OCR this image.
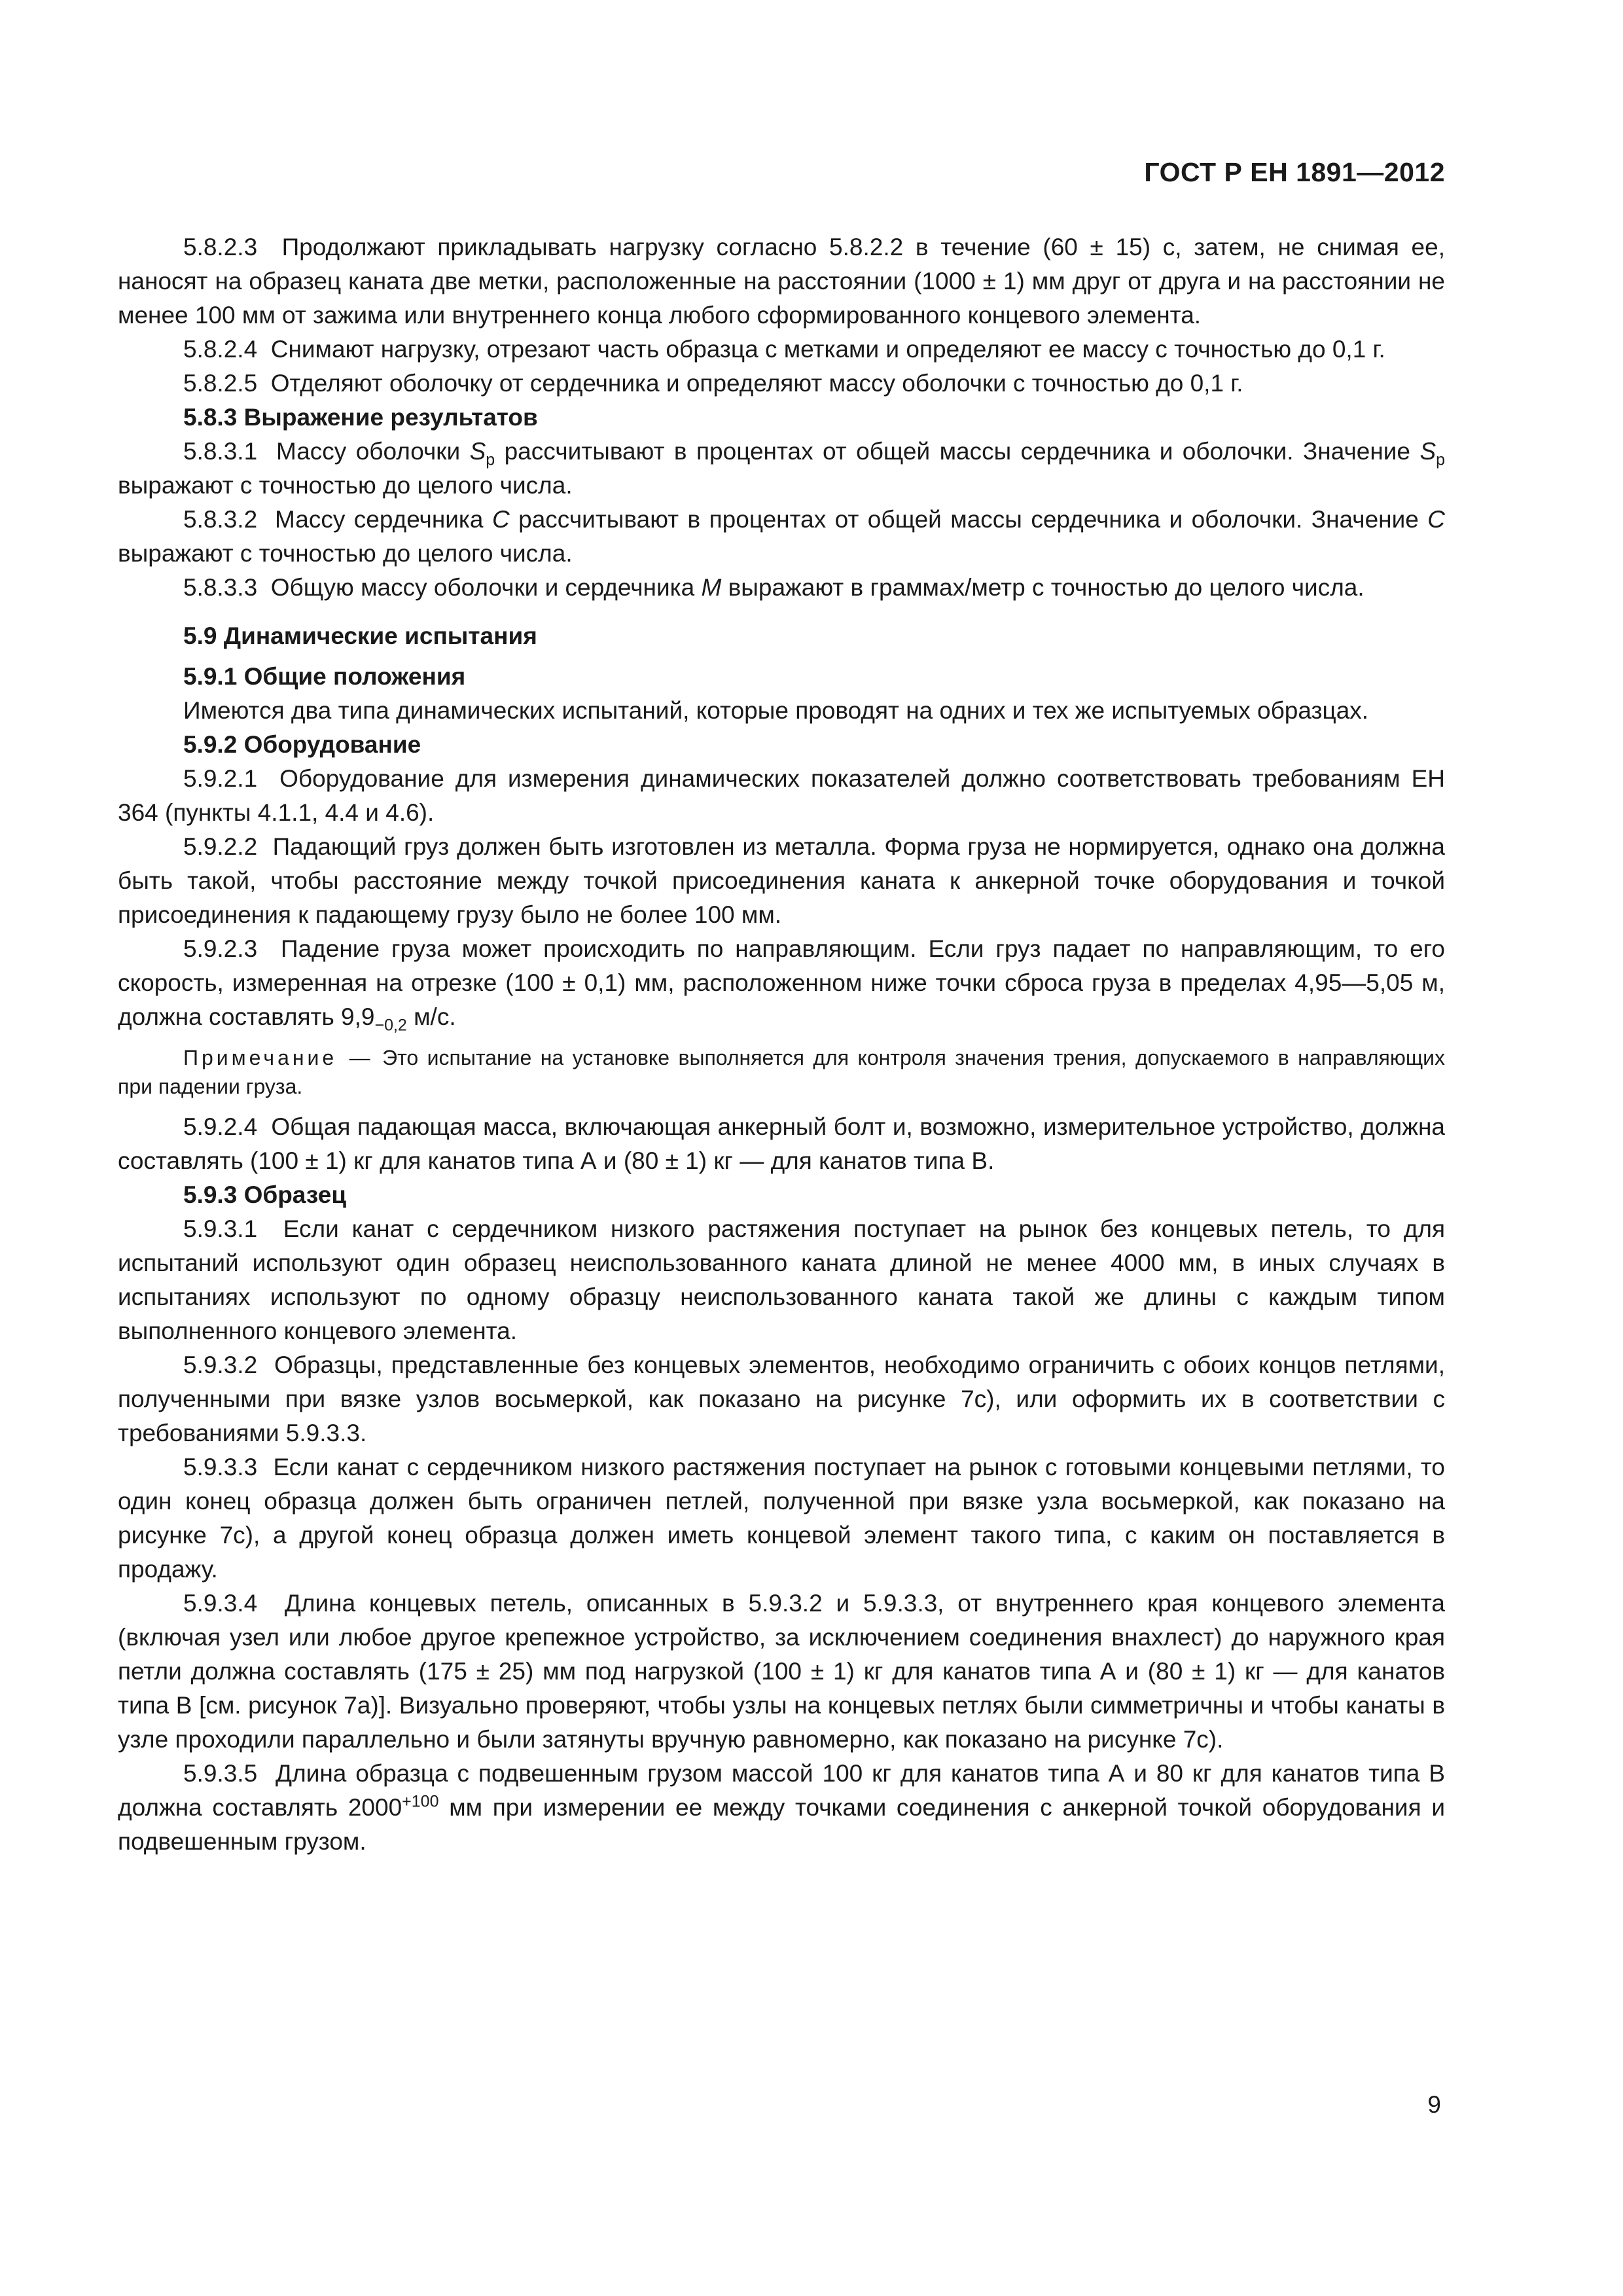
ГОСТ Р ЕН 1891—2012

5.8.2.3 Продолжают прикладывать нагрузку согласно 5.8.2.2 в течение (60 ± 15) с, затем, не снимая ее, наносят на образец каната две метки, расположенные на расстоянии (1000 ± 1) мм друг от друга и на расстоянии не менее 100 мм от зажима или внутреннего конца любого сформированного концевого элемента.

5.8.2.4 Снимают нагрузку, отрезают часть образца с метками и определяют ее массу с точностью до 0,1 г.

5.8.2.5 Отделяют оболочку от сердечника и определяют массу оболочки с точностью до 0,1 г.

5.8.3 Выражение результатов

5.8.3.1 Массу оболочки $S_p$ рассчитывают в процентах от общей массы сердечника и оболочки. Значение $S_p$ выражают с точностью до целого числа.

5.8.3.2 Массу сердечника C рассчитывают в процентах от общей массы сердечника и оболочки. Значение C выражают с точностью до целого числа.

5.8.3.3 Общую массу оболочки и сердечника M выражают в граммах/метр с точностью до целого числа.

5.9 Динамические испытания

5.9.1 Общие положения

Имеются два типа динамических испытаний, которые проводят на одних и тех же испытуемых образцах.

5.9.2 Оборудование

5.9.2.1 Оборудование для измерения динамических показателей должно соответствовать требованиям ЕН 364 (пункты 4.1.1, 4.4 и 4.6).

5.9.2.2 Падающий груз должен быть изготовлен из металла. Форма груза не нормируется, однако она должна быть такой, чтобы расстояние между точкой присоединения каната к анкерной точке оборудования и точкой присоединения к падающему грузу было не более 100 мм.

5.9.2.3 Падение груза может происходить по направляющим. Если груз падает по направляющим, то его скорость, измеренная на отрезке (100 ± 0,1) мм, расположенном ниже точки сброса груза в пределах 4,95—5,05 м, должна составлять $9,9_{-0,2}$ м/с.

Примечание — Это испытание на установке выполняется для контроля значения трения, допускаемого в направляющих при падении груза.

5.9.2.4 Общая падающая масса, включающая анкерный болт и, возможно, измерительное устройство, должна составлять (100 ± 1) кг для канатов типа А и (80 ± 1) кг — для канатов типа В.

5.9.3 Образец

5.9.3.1 Если канат с сердечником низкого растяжения поступает на рынок без концевых петель, то для испытаний используют один образец неиспользованного каната длиной не менее 4000 мм, в иных случаях в испытаниях используют по одному образцу неиспользованного каната такой же длины с каждым типом выполненного концевого элемента.

5.9.3.2 Образцы, представленные без концевых элементов, необходимо ограничить с обоих концов петлями, полученными при вязке узлов восьмеркой, как показано на рисунке 7с), или оформить их в соответствии с требованиями 5.9.3.3.

5.9.3.3 Если канат с сердечником низкого растяжения поступает на рынок с готовыми концевыми петлями, то один конец образца должен быть ограничен петлей, полученной при вязке узла восьмеркой, как показано на рисунке 7с), а другой конец образца должен иметь концевой элемент такого типа, с каким он поставляется в продажу.

5.9.3.4 Длина концевых петель, описанных в 5.9.3.2 и 5.9.3.3, от внутреннего края концевого элемента (включая узел или любое другое крепежное устройство, за исключением соединения внахлест) до наружного края петли должна составлять (175 ± 25) мм под нагрузкой (100 ± 1) кг для канатов типа А и (80 ± 1) кг — для канатов типа В [см. рисунок 7а)]. Визуально проверяют, чтобы узлы на концевых петлях были симметричны и чтобы канаты в узле проходили параллельно и были затянуты вручную равномерно, как показано на рисунке 7с).

5.9.3.5 Длина образца с подвешенным грузом массой 100 кг для канатов типа А и 80 кг для канатов типа В должна составлять $2000^{+100}$ мм при измерении ее между точками соединения с анкерной точкой оборудования и подвешенным грузом.

9
